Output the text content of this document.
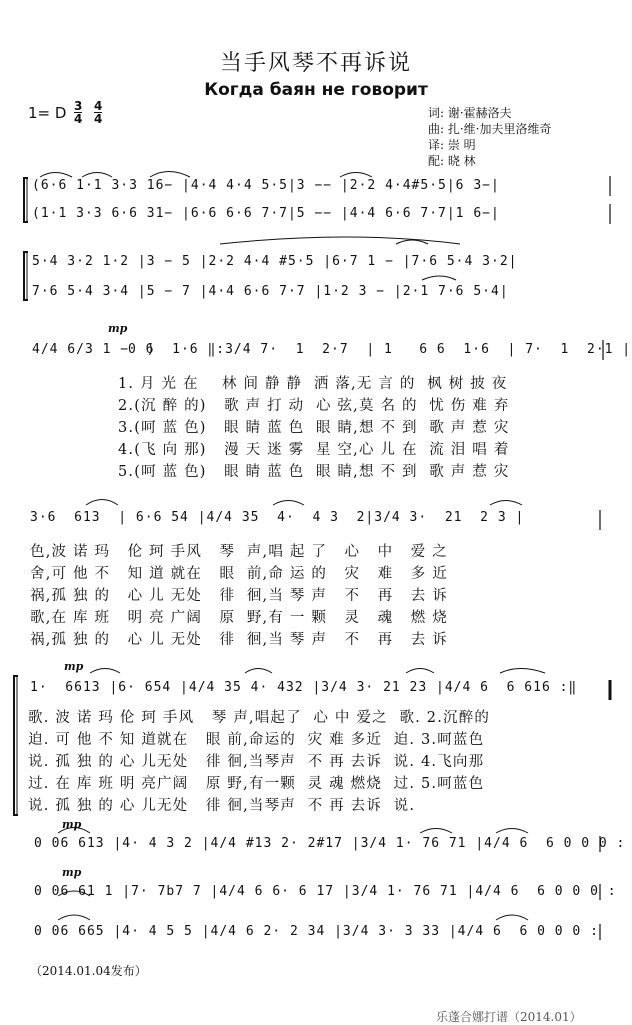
当手风琴不再诉说
Когда баян не говорит
1= D 3
4
4
4	词: 谢·霍赫洛夫
曲: 扎·维·加夫里洛维奇
译: 崇 明
配: 晓 林
(6·6 1·1 3·3 16− |4·4 4·4 5·5|3 −− |2·2 4·4#5·5|6 3−|
(1·1 3·3 6·6 31− |6·6 6·6 7·7|5 −− |4·4 6·6 7·7|1 6−|
5·4 3·2 1·2 |3 − 5 |2·2 4·4 #5·5 |6·7 1 − |7·6 5·4 3·2|
7·6 5·4 3·4 |5 − 7 |4·4 6·6 7·7 |1·2 3 − |2·1 7·6 5·4|
mp
4/4 6/3 1 −  )
0 6  1·6 ‖:3/4 7·  1  2·7  | 1   6 6  1·6  | 7·  1  2·1 |
1. 月 光 在    林 间 静 静  洒 落,无 言 的  枫 树 披 夜
2.(沉 醉 的)   歌 声 打 动  心 弦,莫 名 的  忧 伤 难 弃
3.(呵 蓝 色)   眼 睛 蓝 色  眼 睛,想 不 到  歌 声 惹 灾
4.(飞 向 那)   漫 天 迷 雾  星 空,心 儿 在  流 泪 唱 着
5.(呵 蓝 色)   眼 睛 蓝 色  眼 睛,想 不 到  歌 声 惹 灾
3·6  613  | 6·6 54 |4/4 35  4·  4 3  2|3/4 3·  21  2 3 |
色,波 诺 玛   伦 珂 手风   琴  声,唱 起 了   心   中   爱 之
舍,可 他 不   知 道 就在   眼  前,命 运 的   灾   难   多 近
祸,孤 独 的   心 儿 无处   徘  徊,当 琴 声   不   再   去 诉
歌,在 库 班   明 亮 广阔   原  野,有 一 颗   灵   魂   燃 烧
祸,孤 独 的   心 儿 无处   徘  徊,当 琴 声   不   再   去 诉
mp
1·  6613 |6· 654 |4/4 35 4· 432 |3/4 3· 21 23 |4/4 6  6 616 :‖
歌. 波 诺 玛 伦 珂 手风   琴 声,唱起了  心 中 爱之  歌. 2.沉醉的
迫. 可 他 不 知 道就在   眼 前,命运的  灾 难 多近  迫. 3.呵蓝色
说. 孤 独 的 心 儿无处   徘 徊,当琴声  不 再 去诉  说. 4.飞向那
过. 在 库 班 明 亮广阔   原 野,有一颗  灵 魂 燃烧  过. 5.呵蓝色
说. 孤 独 的 心 儿无处   徘 徊,当琴声  不 再 去诉  说.
mp
0 06 613 |4· 4 3 2 |4/4 #13 2· 2#17 |3/4 1· 76 71 |4/4 6  6 0 0 0 :
mp
0 06 61 1 |7· 7b7 7 |4/4 6 6· 6 17 |3/4 1· 76 71 |4/4 6  6 0 0 0 :
0 06 665 |4· 4 5 5 |4/4 6 2· 2 34 |3/4 3· 3 33 |4/4 6  6 0 0 0 :
（2014.01.04发布）
乐蓬合娜打谱（2014.01）
